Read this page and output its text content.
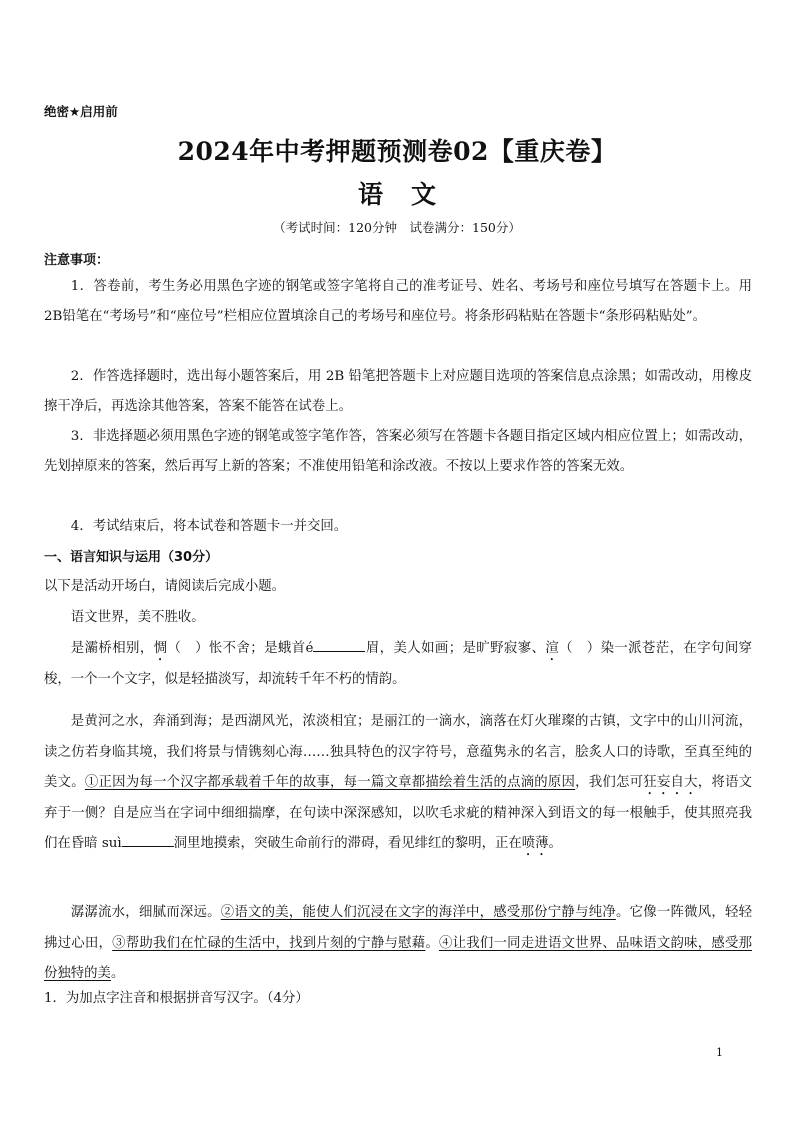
绝密★启用前
2024年中考押题预测卷02【重庆卷】
语 文
（考试时间：120分钟　试卷满分：150分）
注意事项：
1．答卷前，考生务必用黑色字迹的钢笔或签字笔将自己的准考证号、姓名、考场号和座位号填写在答题卡上。用2B铅笔在“考场号”和“座位号”栏相应位置填涂自己的考场号和座位号。将条形码粘贴在答题卡“条形码粘贴处”。
2．作答选择题时，选出每小题答案后，用 2B 铅笔把答题卡上对应题目选项的答案信息点涂黑；如需改动，用橡皮擦干净后，再选涂其他答案，答案不能答在试卷上。
3．非选择题必须用黑色字迹的钢笔或签字笔作答，答案必须写在答题卡各题目指定区域内相应位置上；如需改动，先划掉原来的答案，然后再写上新的答案；不准使用铅笔和涂改液。不按以上要求作答的答案无效。
4．考试结束后，将本试卷和答题卡一并交回。
一、语言知识与运用（30分）
以下是活动开场白，请阅读后完成小题。
语文世界，美不胜收。
是灞桥相别，惆（　）怅不舍；是蛾首é	眉，美人如画；是旷野寂寥、渲（　）染一派苍茫，在字句间穿梭，一个一个文字，似是轻描淡写，却流转千年不朽的情韵。
是黄河之水，奔涌到海；是西湖风光，浓淡相宜；是丽江的一滴水，滴落在灯火璀璨的古镇，文字中的山川河流，读之仿若身临其境，我们将景与情镌刻心海……独具特色的汉字符号，意蕴隽永的名言，脍炙人口的诗歌，至真至纯的美文。①正因为每一个汉字都承载着千年的故事，每一篇文章都描绘着生活的点滴的原因，我们怎可狂妄自大，将语文弃于一侧？自是应当在字词中细细揣摩，在句读中深深感知，以吹毛求疵的精神深入到语文的每一根触手，使其照亮我们在昏暗 suì	洞里地摸索，突破生命前行的滞碍，看见绯红的黎明，正在喷薄。
潺潺流水，细腻而深远。②语文的美，能使人们沉浸在文字的海洋中，感受那份宁静与纯净。它像一阵微风，轻轻拂过心田，③帮助我们在忙碌的生活中，找到片刻的宁静与慰藉。④让我们一同走进语文世界、品味语文韵味，感受那份独特的美。
1．为加点字注音和根据拼音写汉字。（4分）
1
